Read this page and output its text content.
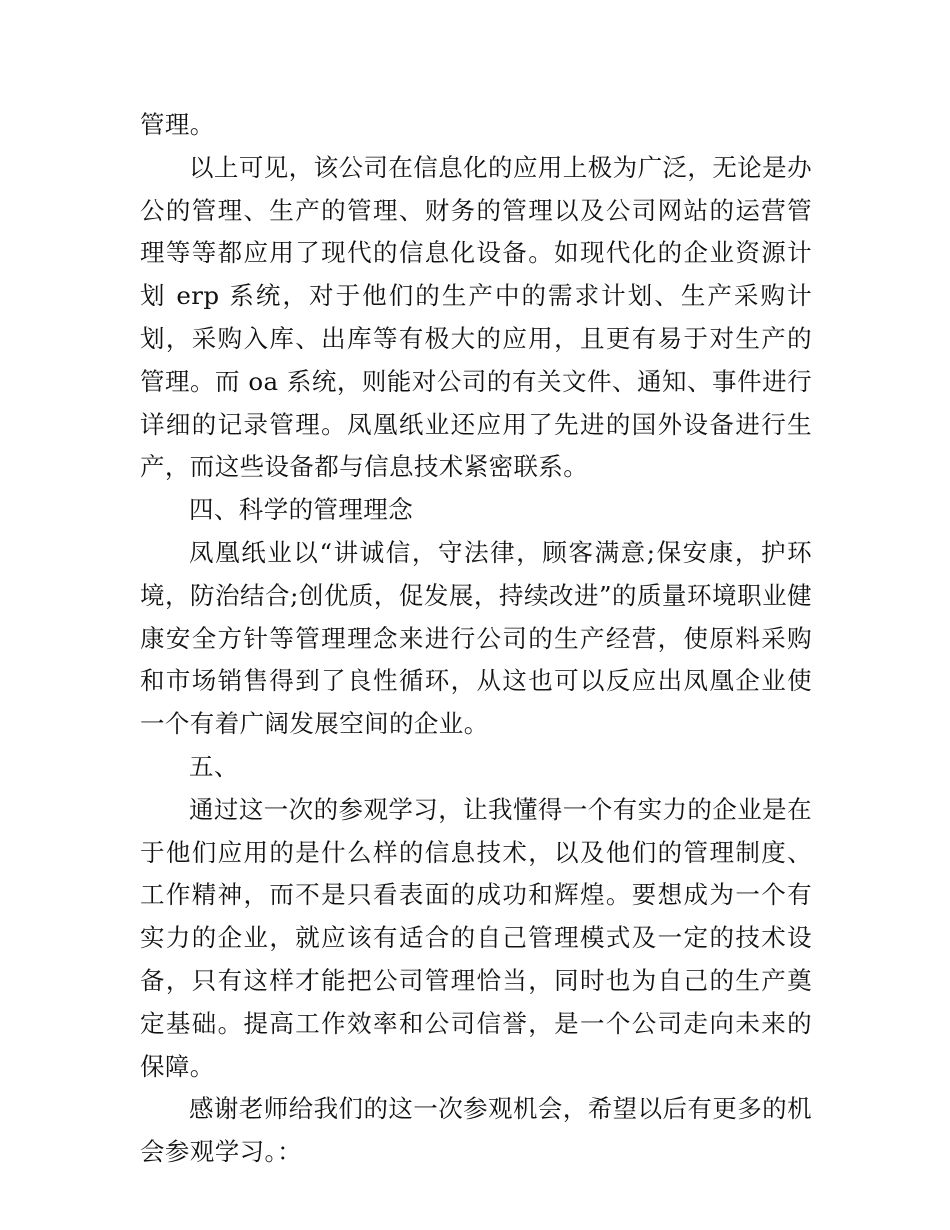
管理。

以上可见，该公司在信息化的应用上极为广泛，无论是办公的管理、生产的管理、财务的管理以及公司网站的运营管理等等都应用了现代的信息化设备。如现代化的企业资源计划 erp 系统，对于他们的生产中的需求计划、生产采购计划，采购入库、出库等有极大的应用，且更有易于对生产的管理。而 oa 系统，则能对公司的有关文件、通知、事件进行详细的记录管理。凤凰纸业还应用了先进的国外设备进行生产，而这些设备都与信息技术紧密联系。

四、科学的管理理念

凤凰纸业以“讲诚信，守法律，顾客满意;保安康，护环境，防治结合;创优质，促发展，持续改进”的质量环境职业健康安全方针等管理理念来进行公司的生产经营，使原料采购和市场销售得到了良性循环，从这也可以反应出凤凰企业使一个有着广阔发展空间的企业。

五、

通过这一次的参观学习，让我懂得一个有实力的企业是在于他们应用的是什么样的信息技术，以及他们的管理制度、工作精神，而不是只看表面的成功和辉煌。要想成为一个有实力的企业，就应该有适合的自己管理模式及一定的技术设备，只有这样才能把公司管理恰当，同时也为自己的生产奠定基础。提高工作效率和公司信誉，是一个公司走向未来的保障。

感谢老师给我们的这一次参观机会，希望以后有更多的机会参观学习。：
